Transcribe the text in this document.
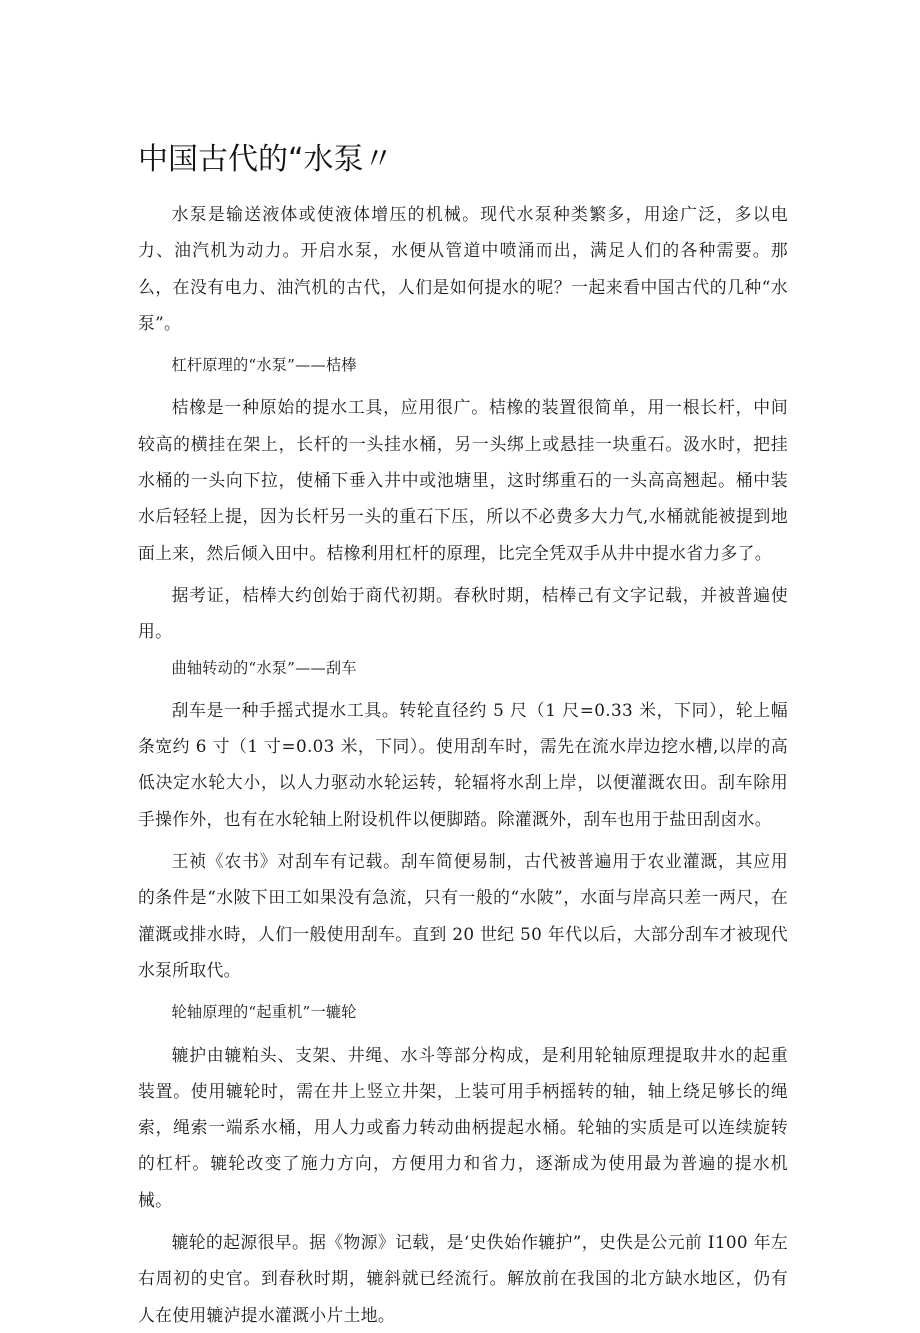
中国古代的“水泵〃

水泵是输送液体或使液体增压的机械。现代水泵种类繁多，用途广泛，多以电力、油汽机为动力。开启水泵，水便从管道中喷涌而出，满足人们的各种需要。那么，在没有电力、油汽机的古代，人们是如何提水的呢？一起来看中国古代的几种“水泵”。

杠杆原理的“水泵”——桔棒

桔橡是一种原始的提水工具，应用很广。桔橡的装置很简单，用一根长杆，中间较高的横挂在架上，长杆的一头挂水桶，另一头绑上或悬挂一块重石。汲水时，把挂水桶的一头向下拉，使桶下垂入井中或池塘里，这时绑重石的一头高高翘起。桶中装水后轻轻上提，因为长杆另一头的重石下压，所以不必费多大力气,水桶就能被提到地面上来，然后倾入田中。桔橡利用杠杆的原理，比完全凭双手从井中提水省力多了。

据考证，桔棒大约创始于商代初期。春秋时期，桔棒己有文字记载，并被普遍使用。

曲轴转动的“水泵”——刮车

刮车是一种手摇式提水工具。转轮直径约 5 尺（1 尺=0.33 米，下同），轮上幅条宽约 6 寸（1 寸=0.03 米，下同）。使用刮车时，需先在流水岸边挖水槽,以岸的高低决定水轮大小，以人力驱动水轮运转，轮辐将水刮上岸，以便灌溉农田。刮车除用手操作外，也有在水轮轴上附设机件以便脚踏。除灌溉外，刮车也用于盐田刮卤水。

王祯《农书》对刮车有记载。刮车简便易制，古代被普遍用于农业灌溉，其应用的条件是“水陂下田工如果没有急流，只有一般的“水陂”，水面与岸高只差一两尺，在灌溉或排水時，人们一般使用刮车。直到 20 世纪 50 年代以后，大部分刮车才被现代水泵所取代。

轮轴原理的“起重机”一辘轮

辘护由辘粕头、支架、井绳、水斗等部分构成，是利用轮轴原理提取井水的起重装置。使用辘轮时，需在井上竖立井架，上装可用手柄摇转的轴，轴上绕足够长的绳索，绳索一端系水桶，用人力或畜力转动曲柄提起水桶。轮轴的实质是可以连续旋转的杠杆。辘轮改变了施力方向，方便用力和省力，逐渐成为使用最为普遍的提水机械。

辘轮的起源很早。据《物源》记载，是‘史佚始作辘护”，史佚是公元前 I100 年左右周初的史官。到春秋时期，辘斜就已经流行。解放前在我国的北方缺水地区，仍有人在使用辘泸提水灌溉小片土地。
